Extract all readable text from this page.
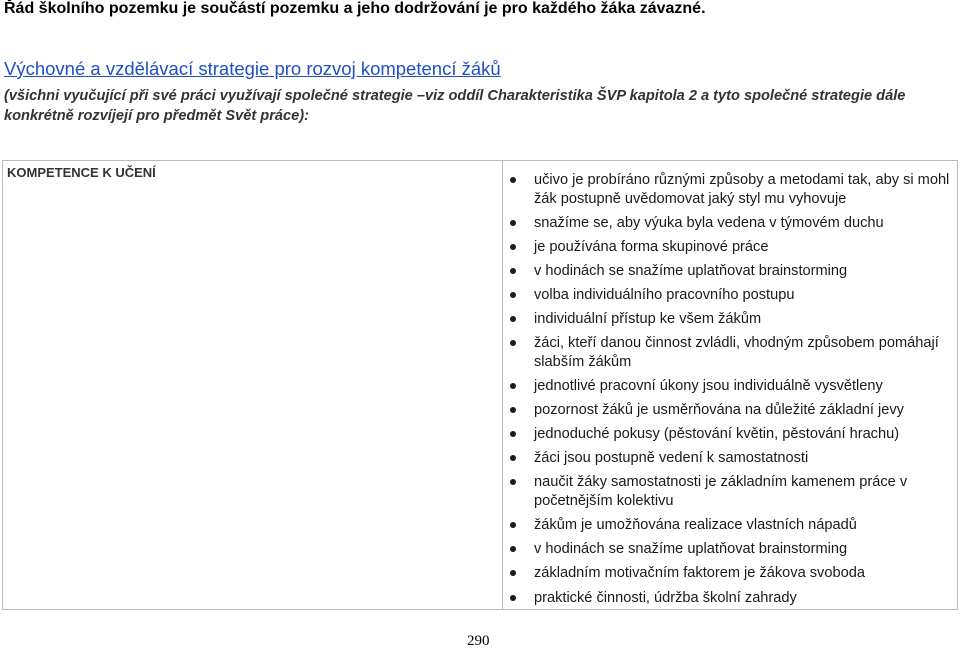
Řád školního pozemku je součástí pozemku a jeho dodržování je pro každého žáka závazné.
Výchovné a vzdělávací strategie pro rozvoj kompetencí žáků
(všichni vyučující při své práci využívají společné strategie –viz oddíl Charakteristika ŠVP kapitola 2 a tyto společné strategie dále konkrétně rozvíjejí pro předmět Svět práce):
KOMPETENCE K UČENÍ	učivo je probíráno různými způsoby a metodami tak, aby si mohl žák postupně uvědomovat jaký styl mu vyhovuje
snažíme se, aby výuka byla vedena v týmovém duchu
je používána forma skupinové práce
v hodinách se snažíme uplatňovat brainstorming
volba individuálního pracovního postupu
individuální přístup ke všem žákům
žáci, kteří danou činnost zvládli, vhodným způsobem pomáhají slabším žákům
jednotlivé pracovní úkony jsou individuálně vysvětleny
pozornost žáků je usměrňována na důležité základní jevy
jednoduché pokusy (pěstování květin, pěstování hrachu)
žáci jsou postupně vedení k samostatnosti
naučit žáky samostatnosti je základním kamenem práce v početnějším kolektivu
žákům je umožňována realizace vlastních nápadů
v hodinách se snažíme uplatňovat brainstorming
základním motivačním faktorem je žákova svoboda
praktické činnosti, údržba školní zahrady
290
